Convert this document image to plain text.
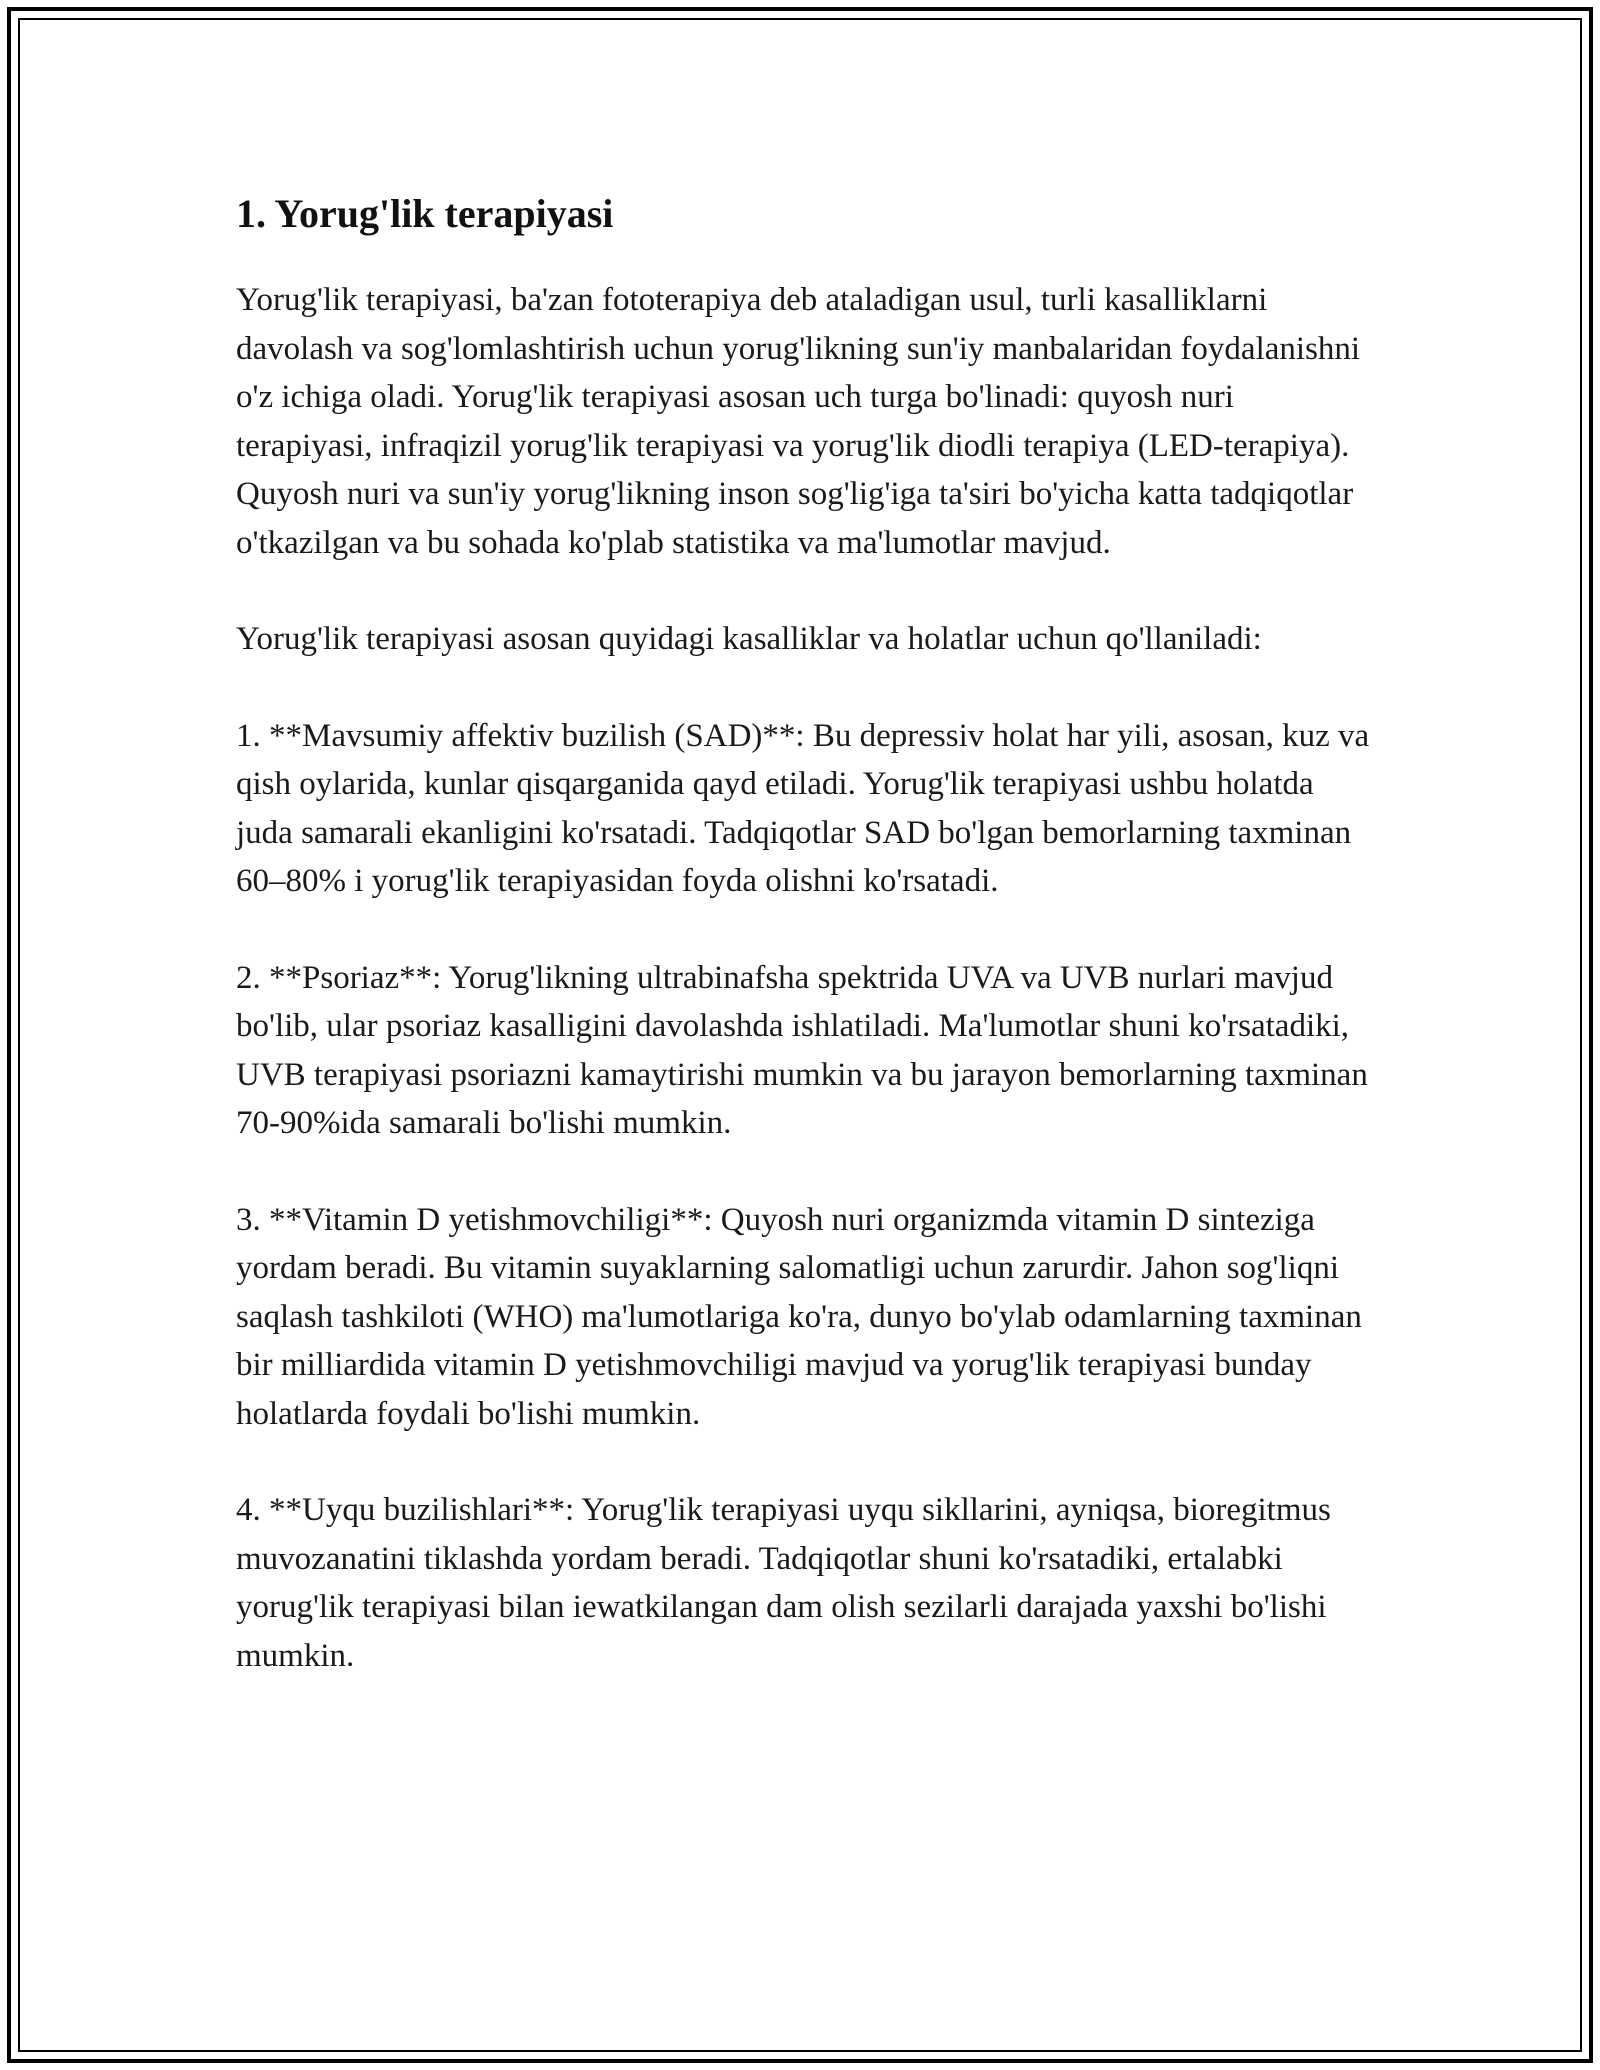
1. Yorug'lik terapiyasi

Yorug'lik terapiyasi, ba'zan fototerapiya deb ataladigan usul, turli kasalliklarni davolash va sog'lomlashtirish uchun yorug'likning sun'iy manbalaridan foydalanishni o'z ichiga oladi. Yorug'lik terapiyasi asosan uch turga bo'linadi: quyosh nuri terapiyasi, infraqizil yorug'lik terapiyasi va yorug'lik diodli terapiya (LED-terapiya). Quyosh nuri va sun'iy yorug'likning inson sog'lig'iga ta'siri bo'yicha katta tadqiqotlar o'tkazilgan va bu sohada ko'plab statistika va ma'lumotlar mavjud.

Yorug'lik terapiyasi asosan quyidagi kasalliklar va holatlar uchun qo'llaniladi:

1. **Mavsumiy affektiv buzilish (SAD)**: Bu depressiv holat har yili, asosan, kuz va qish oylarida, kunlar qisqarganida qayd etiladi. Yorug'lik terapiyasi ushbu holatda juda samarali ekanligini ko'rsatadi. Tadqiqotlar SAD bo'lgan bemorlarning taxminan 60–80% i yorug'lik terapiyasidan foyda olishni ko'rsatadi.

2. **Psoriaz**: Yorug'likning ultrabinafsha spektrida UVA va UVB nurlari mavjud bo'lib, ular psoriaz kasalligini davolashda ishlatiladi. Ma'lumotlar shuni ko'rsatadiki, UVB terapiyasi psoriazni kamaytirishi mumkin va bu jarayon bemorlarning taxminan 70-90%ida samarali bo'lishi mumkin.

3. **Vitamin D yetishmovchiligi**: Quyosh nuri organizmda vitamin D sinteziga yordam beradi. Bu vitamin suyaklarning salomatligi uchun zarurdir. Jahon sog'liqni saqlash tashkiloti (WHO) ma'lumotlariga ko'ra, dunyo bo'ylab odamlarning taxminan bir milliardida vitamin D yetishmovchiligi mavjud va yorug'lik terapiyasi bunday holatlarda foydali bo'lishi mumkin.

4. **Uyqu buzilishlari**: Yorug'lik terapiyasi uyqu sikllarini, ayniqsa, bioregitmus muvozanatini tiklashda yordam beradi. Tadqiqotlar shuni ko'rsatadiki, ertalabki yorug'lik terapiyasi bilan iewatkilangan dam olish sezilarli darajada yaxshi bo'lishi mumkin.
